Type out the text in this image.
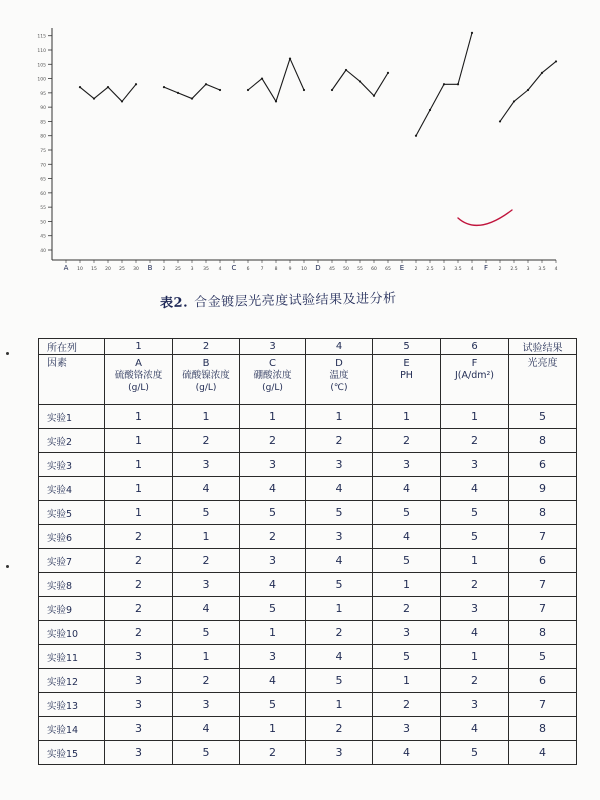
40
45
50
55
60
65
70
75
80
85
90
95
100
105
110
115
A 10 15 20 25 30 B 2 25 3 35 4 C 6 7 8 9 10 D 45 50 55 60 65 E 2 2.5 3 3.5 4 F 2 2.5 3 3.5 4
表2. 合金镀层光亮度试验结果及进分析
所在列	1	2	3	4	5	6	试验结果
因素	A
硫酸铬浓度
(g/L)	B
硫酸镍浓度
(g/L)	C
硼酸浓度
(g/L)	D
温度
(℃)	E
PH	F
J(A/dm²)	光亮度

实验1	1	1	1	1	1	1	5
实验2	1	2	2	2	2	2	8
实验3	1	3	3	3	3	3	6
实验4	1	4	4	4	4	4	9
实验5	1	5	5	5	5	5	8
实验6	2	1	2	3	4	5	7
实验7	2	2	3	4	5	1	6
实验8	2	3	4	5	1	2	7
实验9	2	4	5	1	2	3	7
实验10	2	5	1	2	3	4	8
实验11	3	1	3	4	5	1	5
实验12	3	2	4	5	1	2	6
实验13	3	3	5	1	2	3	7
实验14	3	4	1	2	3	4	8
实验15	3	5	2	3	4	5	4
